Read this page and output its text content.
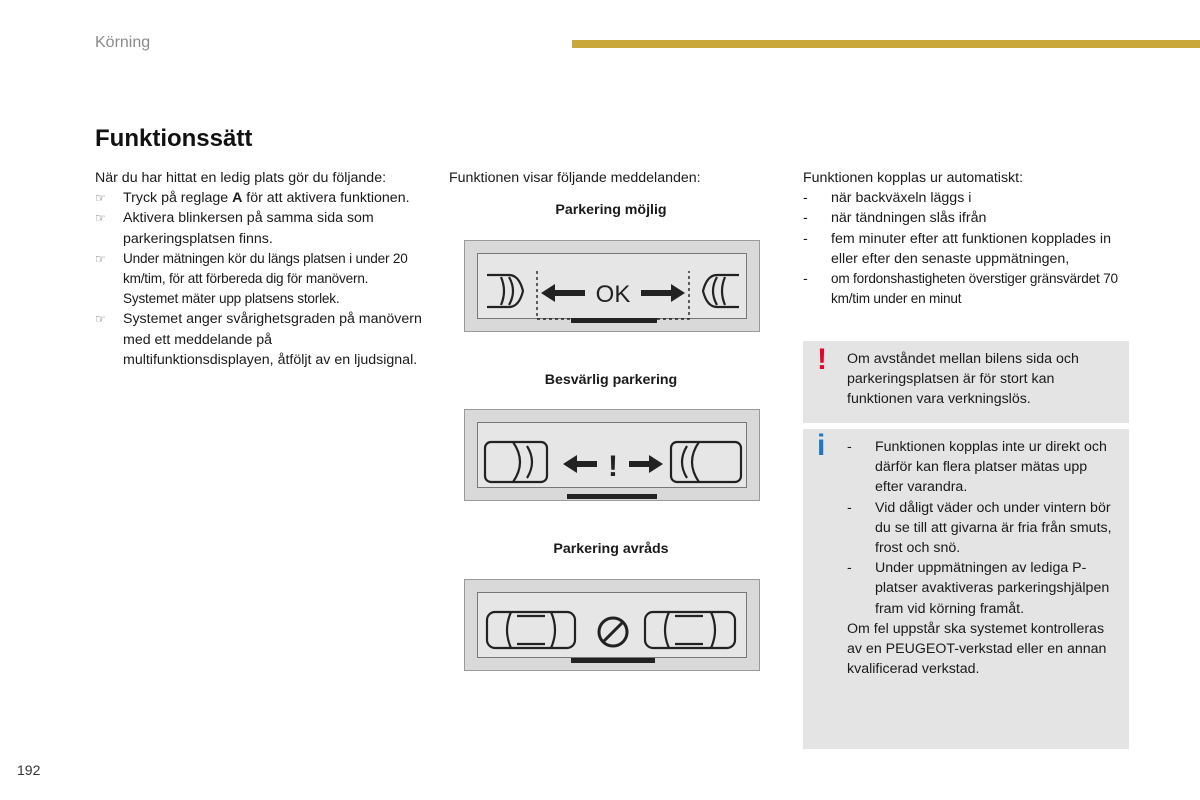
Körning
Funktionssätt
När du har hittat en ledig plats gör du följande:
☞	Tryck på reglage A för att aktivera funktionen.
☞	Aktivera blinkersen på samma sida som parkeringsplatsen finns.
☞	Under mätningen kör du längs platsen i under 20 km/tim, för att förbereda dig för manövern. Systemet mäter upp platsens storlek.
☞	Systemet anger svårighetsgraden på manövern med ett meddelande på multifunktionsdisplayen, åtföljt av en ljudsignal.
Funktionen visar följande meddelanden:
Parkering möjlig
OK
Besvärlig parkering
!
Parkering avråds
Funktionen kopplas ur automatiskt:
-	när backväxeln läggs i
-	när tändningen slås ifrån
-	fem minuter efter att funktionen kopplades in eller efter den senaste uppmätningen,
-	om fordonshastigheten överstiger gränsvärdet 70 km/tim under en minut
! Om avståndet mellan bilens sida och parkeringsplatsen är för stort kan funktionen vara verkningslös.
i -	Funktionen kopplas inte ur direkt och därför kan flera platser mätas upp efter varandra.
-	Vid dåligt väder och under vintern bör du se till att givarna är fria från smuts, frost och snö.
-	Under uppmätningen av lediga P-platser avaktiveras parkeringshjälpen fram vid körning framåt.
Om fel uppstår ska systemet kontrolleras av en PEUGEOT-verkstad eller en annan kvalificerad verkstad.
192
